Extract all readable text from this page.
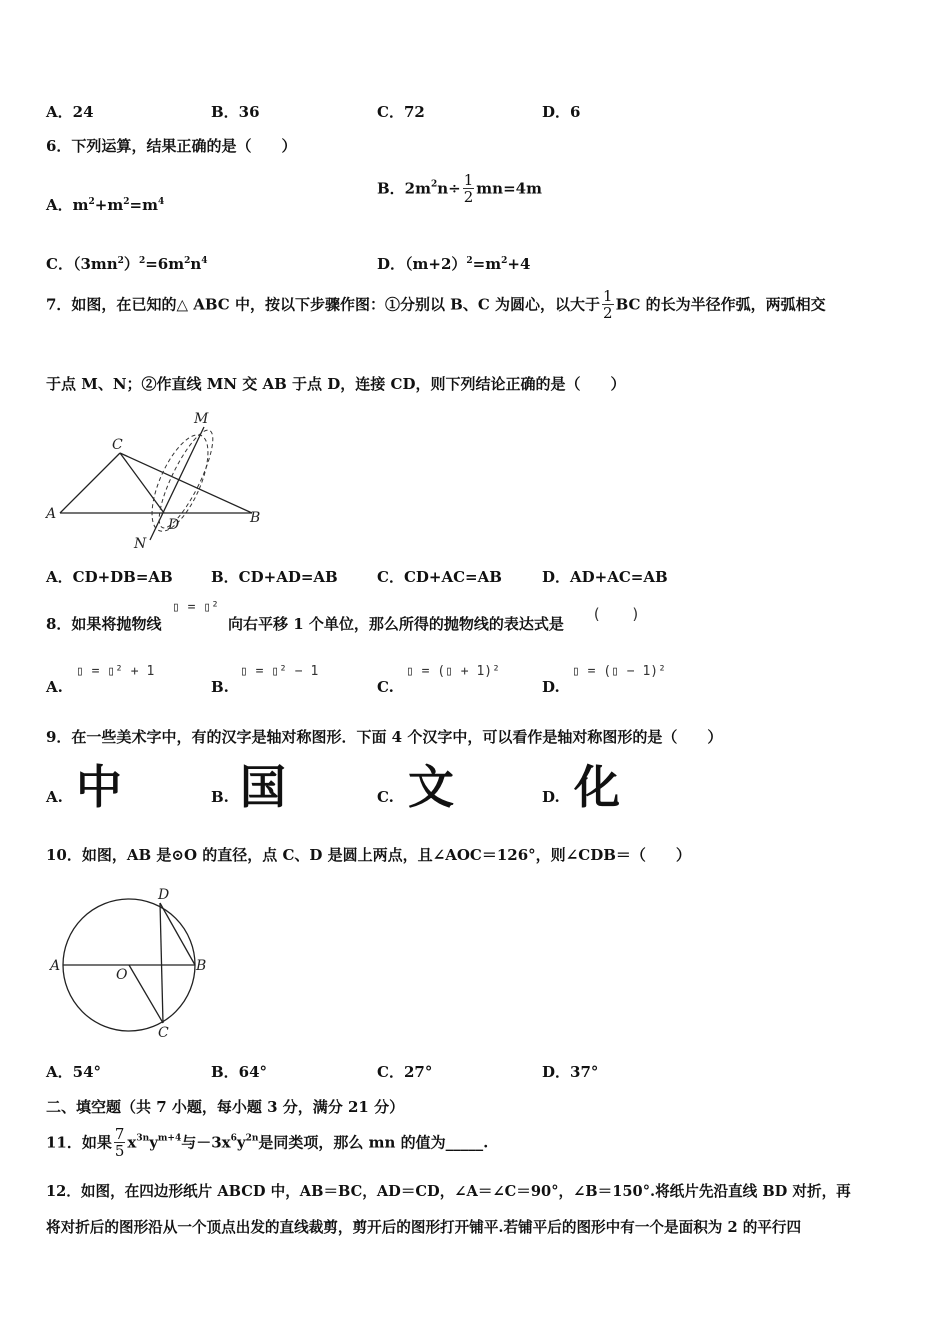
A．24	B．36	C．72	D．6
6．下列运算，结果正确的是（　　）
A．$m^2+m^2=m^4$
B．$2m^2n\div \frac{1}{2} mn=4m$
C．$(3mn^2)^2=6m^2n^4$	D．$(m+2)^2=m^2+4$
7．如图，在已知的△ ABC 中，按以下步骤作图：①分别以 B、C 为圆心，以大于 $\frac{1}{2}$ BC 的长为半径作弧，两弧相交
于点 M、N；②作直线 MN 交 AB 于点 D，连接 CD，则下列结论正确的是（　　）
A
C
B
D
M
N
A．CD+DB=AB	B．CD+AD=AB	C．CD+AC=AB	D．AD+AC=AB
8．如果将抛物线
▯ = ▯²
向右平移 1 个单位，那么所得的抛物线的表达式是
(　　)
A.
▯ = ▯² + 1
B.
▯ = ▯² − 1
C.
▯ = (▯ + 1)²
D.
▯ = (▯ − 1)²
9．在一些美术字中，有的汉字是轴对称图形．下面 4 个汉字中，可以看作是轴对称图形的是（　　）
A. 中	B. 国	C. 文	D. 化
10．如图，AB 是⊙O 的直径，点 C、D 是圆上两点，且∠AOC＝126°，则∠CDB＝（　　）
A	B
D
C
O
A．54°	B．64°	C．27°	D．37°
二、填空题（共 7 小题，每小题 3 分，满分 21 分）
11．如果 $\frac{7}{5} x^{3n}y^{m+4}$与$-3x^6y^{2n}$是同类项，那么 mn 的值为_____.
12．如图，在四边形纸片 ABCD 中，AB＝BC，AD＝CD，∠A＝∠C＝90°，∠B＝150°.将纸片先沿直线 BD 对折，再
将对折后的图形沿从一个顶点出发的直线裁剪，剪开后的图形打开铺平.若铺平后的图形中有一个是面积为 2 的平行四
